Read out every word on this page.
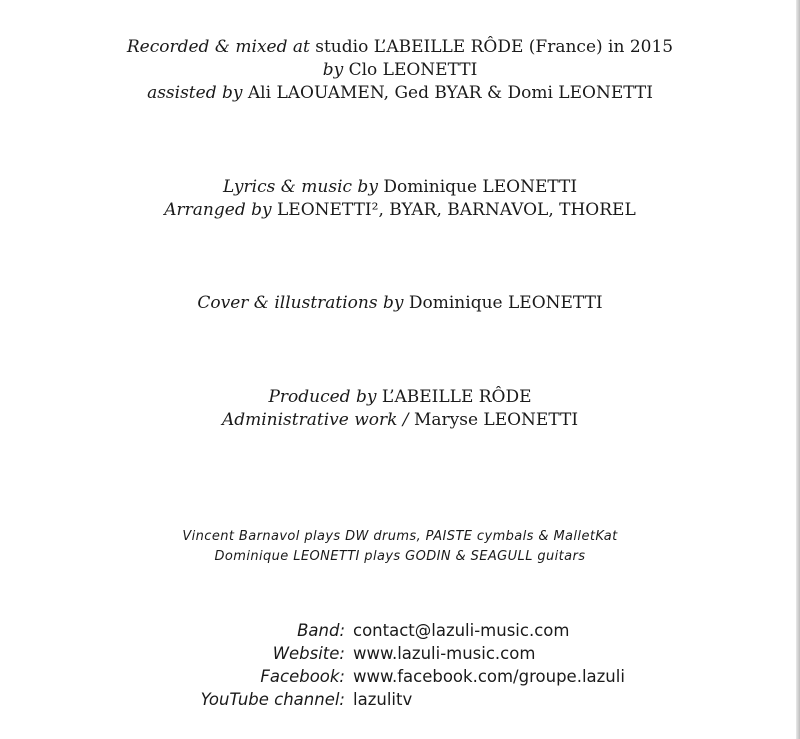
Recorded & mixed at studio L’ABEILLE RÔDE (France) in 2015
by Clo LEONETTI
assisted by Ali LAOUAMEN, Ged BYAR & Domi LEONETTI
Lyrics & music by Dominique LEONETTI
Arranged by LEONETTI², BYAR, BARNAVOL, THOREL
Cover & illustrations by Dominique LEONETTI
Produced by L’ABEILLE RÔDE
Administrative work / Maryse LEONETTI
Vincent Barnavol plays DW drums, PAISTE cymbals & MalletKat
Dominique LEONETTI plays GODIN & SEAGULL guitars
Band: contact@lazuli-music.com
Website: www.lazuli-music.com
Facebook: www.facebook.com/groupe.lazuli
YouTube channel: lazulitv
